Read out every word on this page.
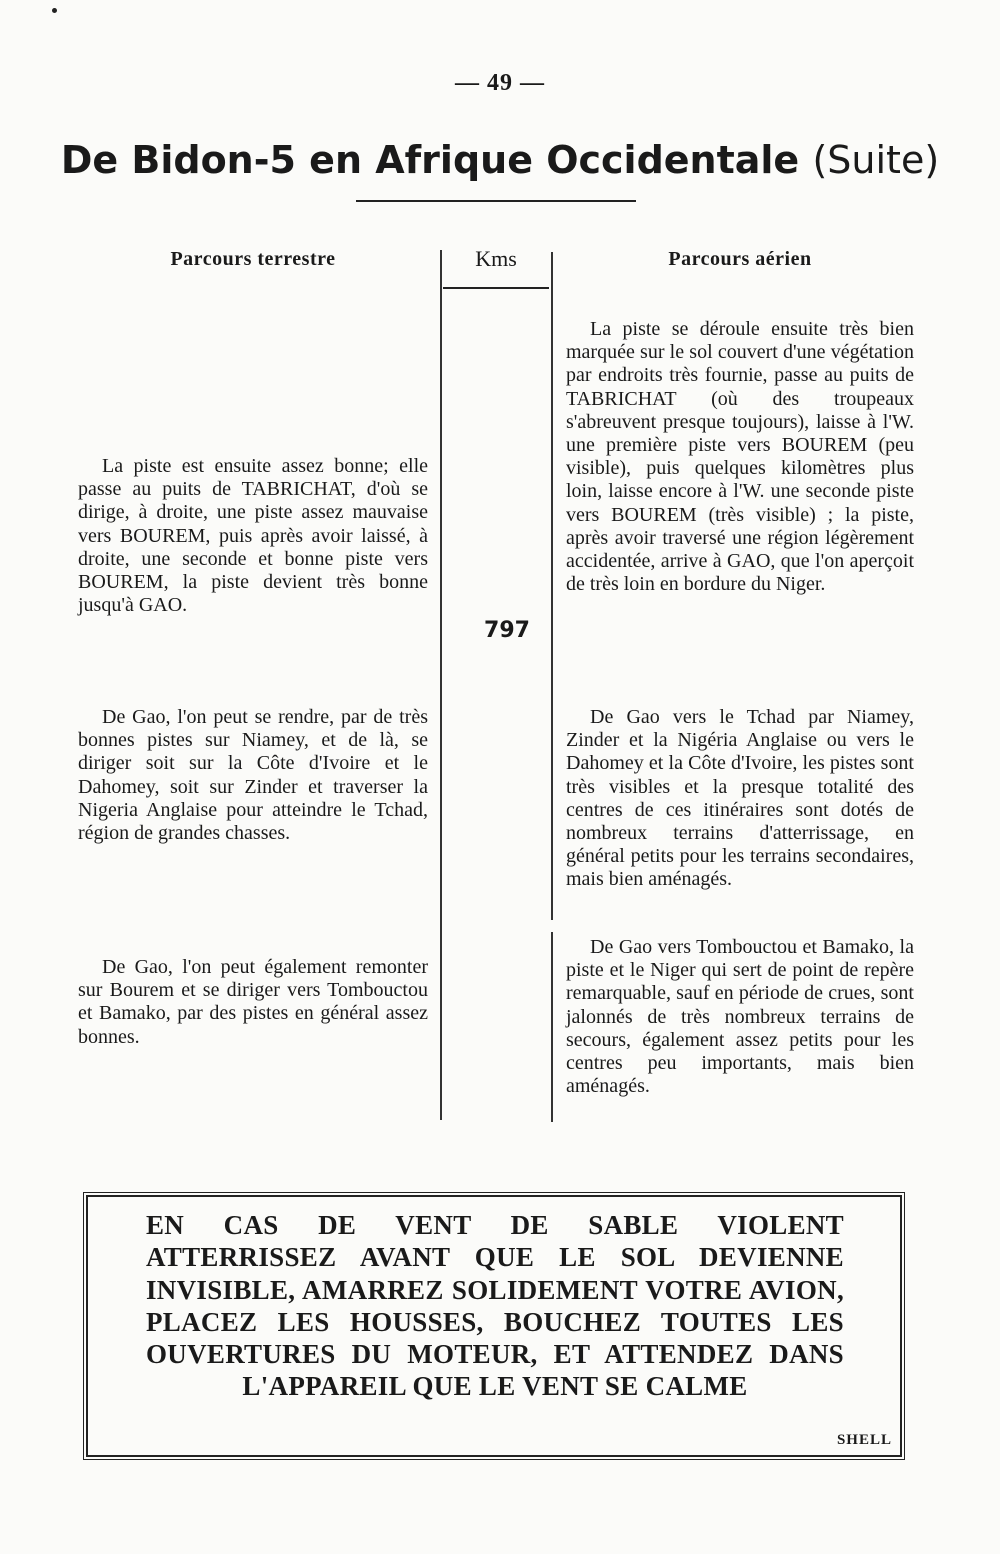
— 49 —
De Bidon-5 en Afrique Occidentale (Suite)
Parcours terrestre	Kms	Parcours aérien
797

La piste est ensuite assez bonne; elle passe au puits de TABRICHAT, d'où se dirige, à droite, une piste assez mauvaise vers BOUREM, puis après avoir laissé, à droite, une seconde et bonne piste vers BOUREM, la piste devient très bonne jusqu'à GAO.

De Gao, l'on peut se rendre, par de très bonnes pistes sur Niamey, et de là, se diriger soit sur la Côte d'Ivoire et le Dahomey, soit sur Zinder et traverser la Nigeria Anglaise pour atteindre le Tchad, région de grandes chasses.

De Gao, l'on peut également remonter sur Bourem et se diriger vers Tombouctou et Bamako, par des pistes en général assez bonnes.

La piste se déroule ensuite très bien marquée sur le sol couvert d'une végétation par endroits très fournie, passe au puits de TABRICHAT (où des troupeaux s'abreuvent presque toujours), laisse à l'W. une première piste vers BOUREM (peu visible), puis quelques kilomètres plus loin, laisse encore à l'W. une seconde piste vers BOUREM (très visible) ; la piste, après avoir traversé une région légèrement accidentée, arrive à GAO, que l'on aperçoit de très loin en bordure du Niger.

De Gao vers le Tchad par Niamey, Zinder et la Nigéria Anglaise ou vers le Dahomey et la Côte d'Ivoire, les pistes sont très visibles et la presque totalité des centres de ces itinéraires sont dotés de nombreux terrains d'atterrissage, en général petits pour les terrains secondaires, mais bien aménagés.

De Gao vers Tombouctou et Bamako, la piste et le Niger qui sert de point de repère remarquable, sauf en période de crues, sont jalonnés de très nombreux terrains de secours, également assez petits pour les centres peu importants, mais bien aménagés.

EN CAS DE VENT DE SABLE VIOLENT ATTERRISSEZ AVANT QUE LE SOL DEVIENNE INVISIBLE, AMARREZ SOLIDEMENT VOTRE AVION, PLACEZ LES HOUSSES, BOUCHEZ TOUTES LES OUVERTURES DU MOTEUR, ET ATTENDEZ DANS L'APPAREIL QUE LE VENT SE CALME

SHELL
